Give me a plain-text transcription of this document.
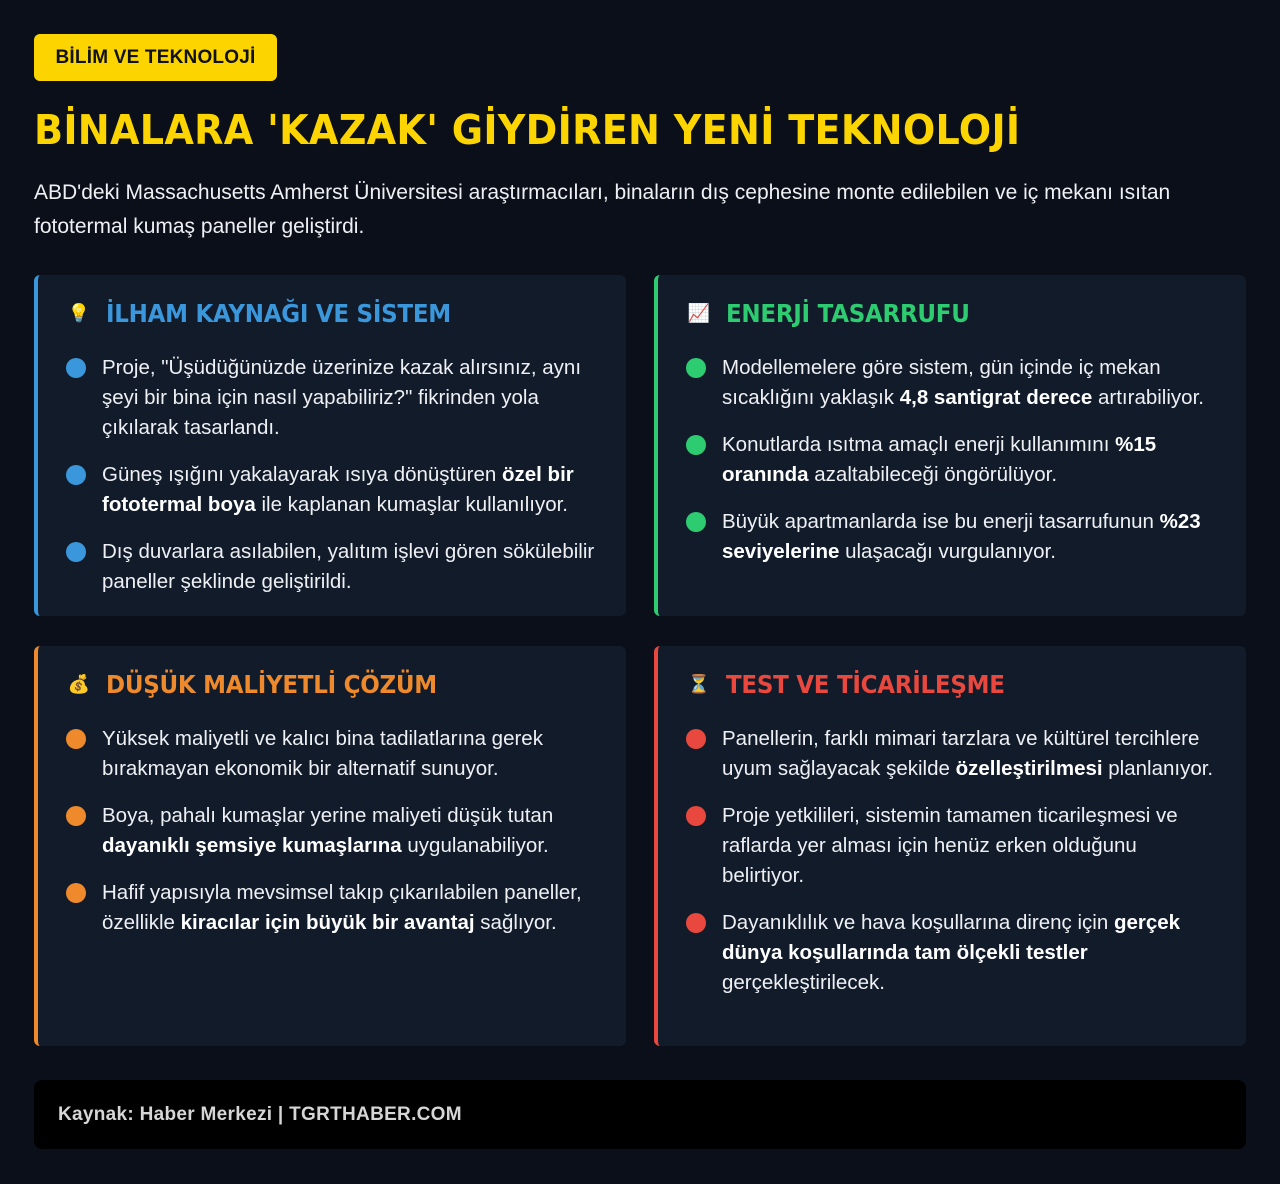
BİLİM VE TEKNOLOJİ
BİNALARA 'KAZAK' GİYDİREN YENİ TEKNOLOJİ

ABD'deki Massachusetts Amherst Üniversitesi araştırmacıları, binaların dış cephesine monte edilebilen ve iç mekanı ısıtan fototermal kumaş paneller geliştirdi.

💡 İLHAM KAYNAĞI VE SİSTEM
Proje, "Üşüdüğünüzde üzerinize kazak alırsınız, aynı şeyi bir bina için nasıl yapabiliriz?" fikrinden yola çıkılarak tasarlandı.
Güneş ışığını yakalayarak ısıya dönüştüren özel bir fototermal boya ile kaplanan kumaşlar kullanılıyor.
Dış duvarlara asılabilen, yalıtım işlevi gören sökülebilir paneller şeklinde geliştirildi.
📈 ENERJİ TASARRUFU
Modellemelere göre sistem, gün içinde iç mekan sıcaklığını yaklaşık 4,8 santigrat derece artırabiliyor.
Konutlarda ısıtma amaçlı enerji kullanımını %15 oranında azaltabileceği öngörülüyor.
Büyük apartmanlarda ise bu enerji tasarrufunun %23 seviyelerine ulaşacağı vurgulanıyor.
💰 DÜŞÜK MALİYETLİ ÇÖZÜM
Yüksek maliyetli ve kalıcı bina tadilatlarına gerek bırakmayan ekonomik bir alternatif sunuyor.
Boya, pahalı kumaşlar yerine maliyeti düşük tutan dayanıklı şemsiye kumaşlarına uygulanabiliyor.
Hafif yapısıyla mevsimsel takıp çıkarılabilen paneller, özellikle kiracılar için büyük bir avantaj sağlıyor.
⏳ TEST VE TİCARİLEŞME
Panellerin, farklı mimari tarzlara ve kültürel tercihlere uyum sağlayacak şekilde özelleştirilmesi planlanıyor.
Proje yetkilileri, sistemin tamamen ticarileşmesi ve raflarda yer alması için henüz erken olduğunu belirtiyor.
Dayanıklılık ve hava koşullarına direnç için gerçek dünya koşullarında tam ölçekli testler gerçekleştirilecek.
Kaynak: Haber Merkezi | TGRTHABER.COM
